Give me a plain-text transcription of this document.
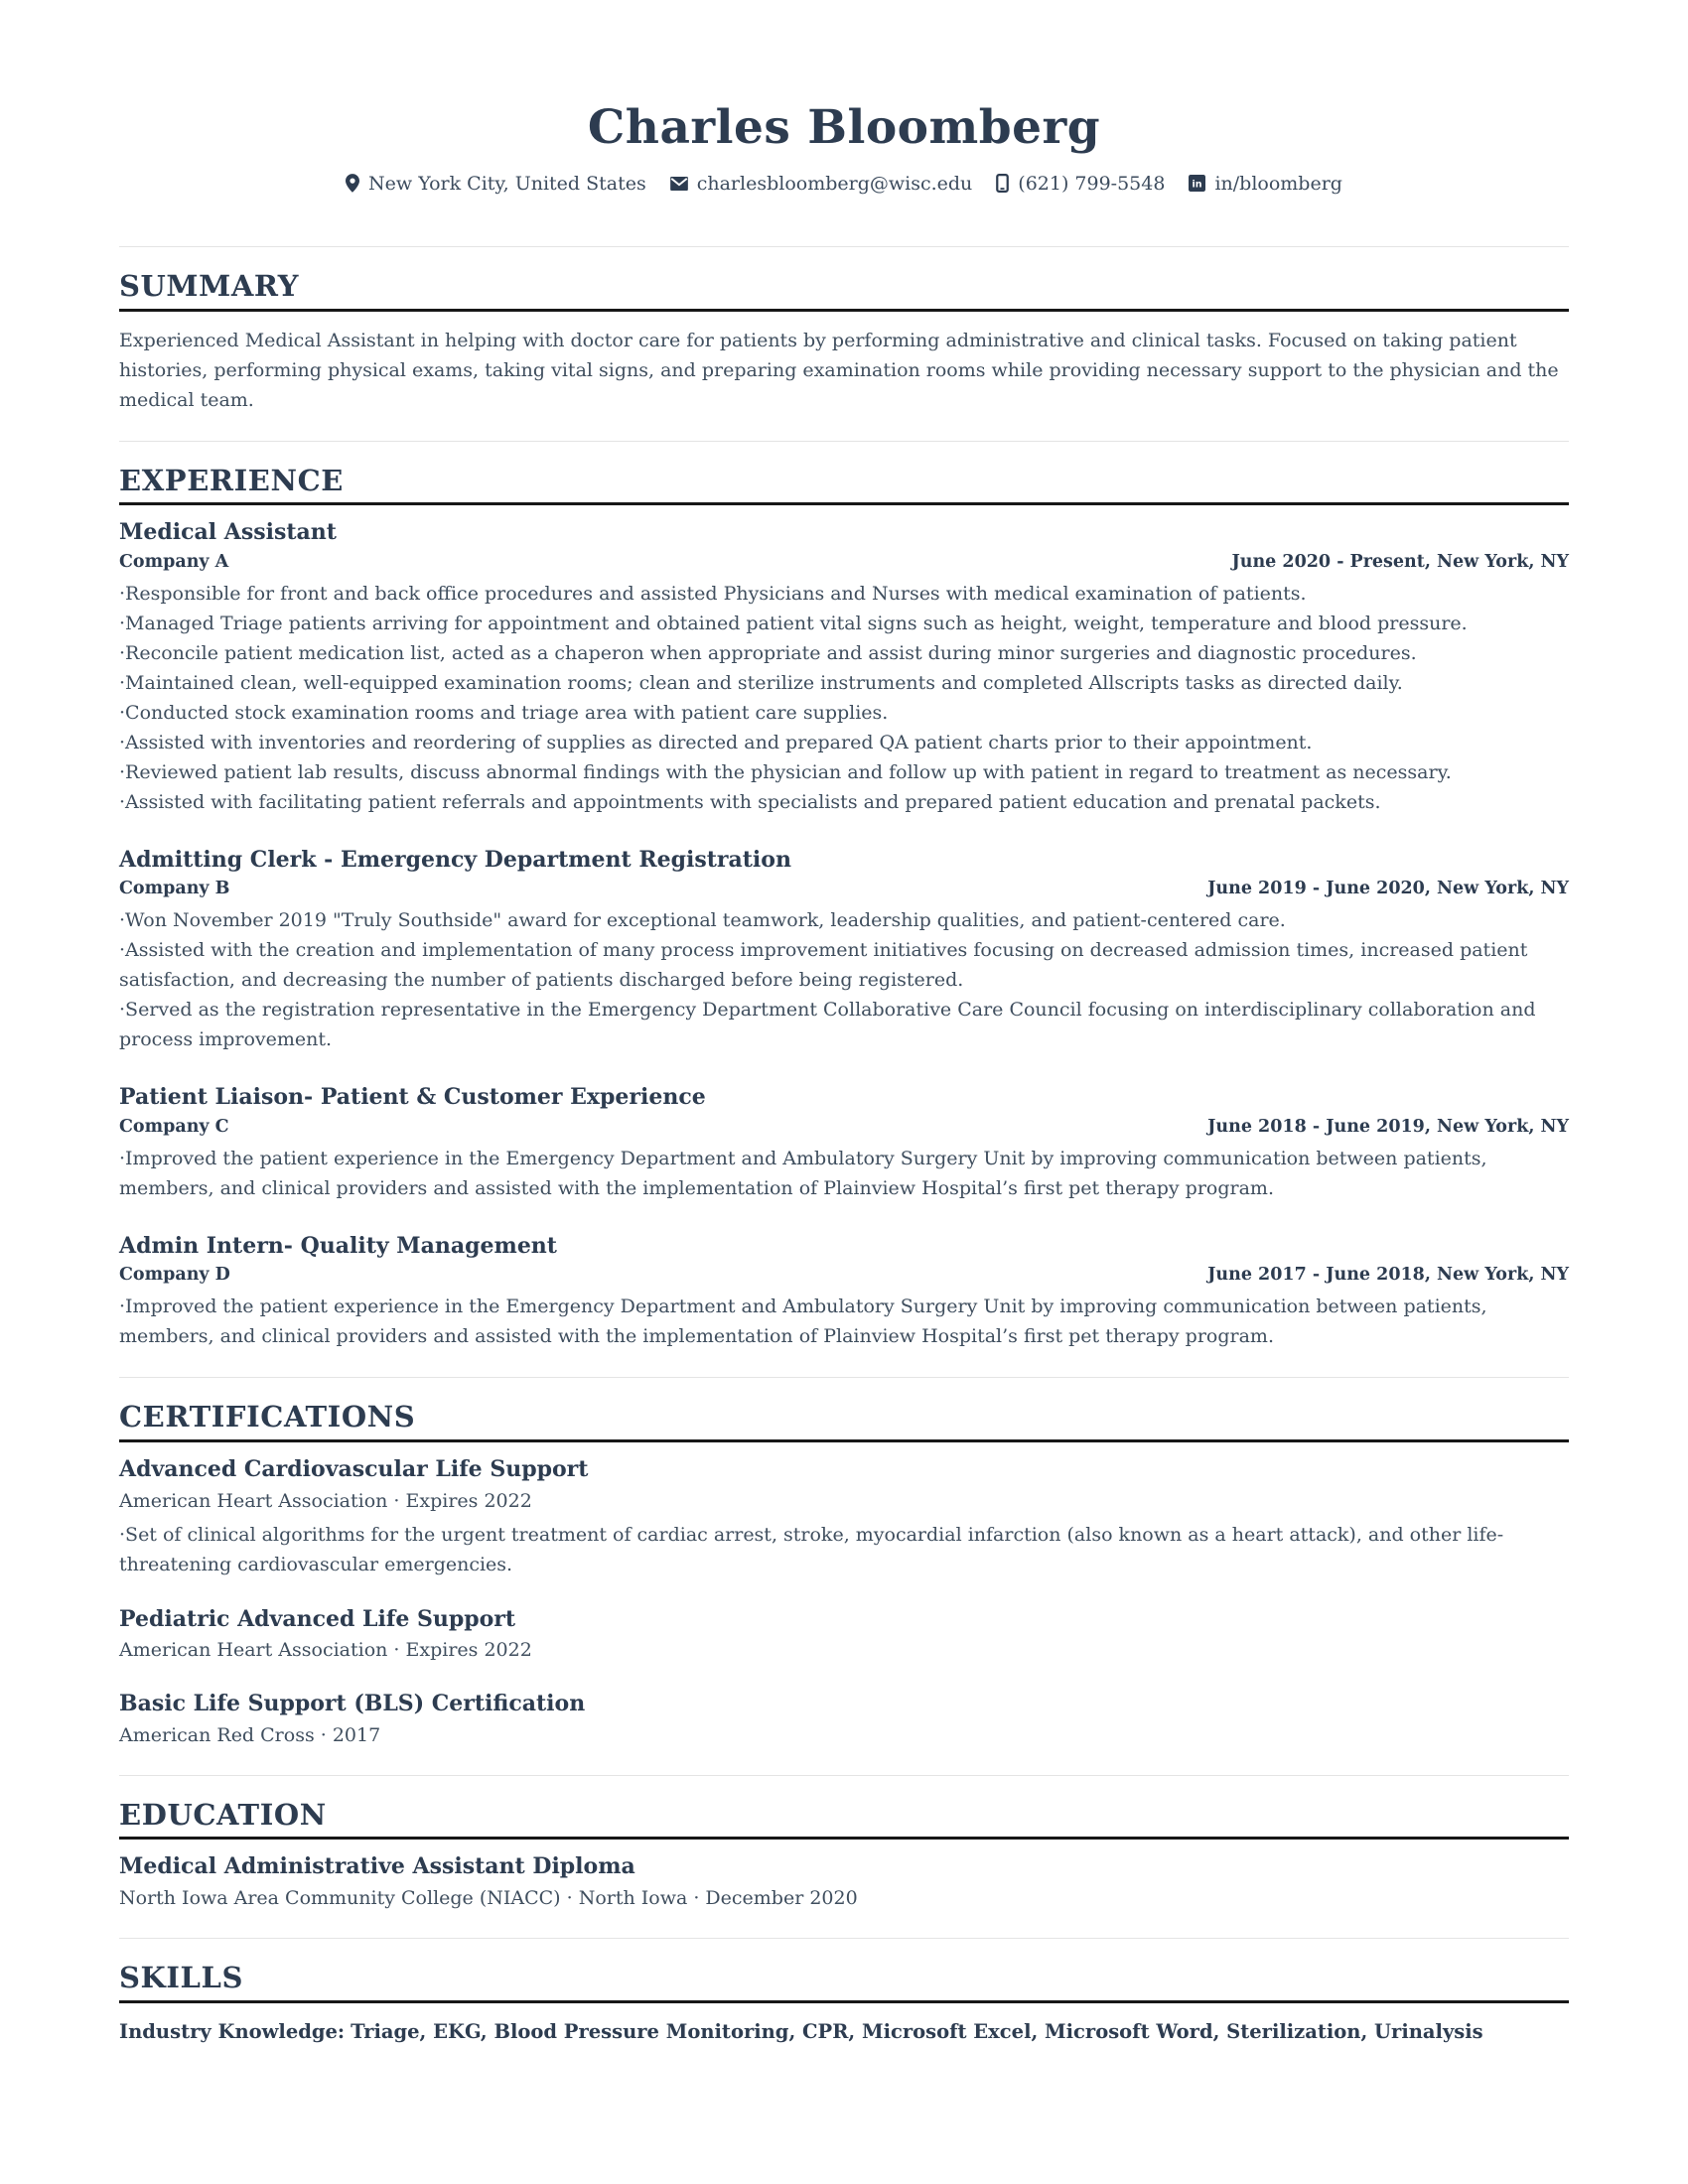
Charles Bloomberg
New York City, United States	charlesbloomberg@wisc.edu (621) 799-5548 in in/bloomberg
SUMMARY

Experienced Medical Assistant in helping with doctor care for patients by performing administrative and clinical tasks. Focused on taking patient histories, performing physical exams, taking vital signs, and preparing examination rooms while providing necessary support to the physician and the medical team.

EXPERIENCE
Medical Assistant
Company A	June 2020 - Present, New York, NY

· Responsible for front and back office procedures and assisted Physicians and Nurses with medical examination of patients.

· Managed Triage patients arriving for appointment and obtained patient vital signs such as height, weight, temperature and blood pressure.

· Reconcile patient medication list, acted as a chaperon when appropriate and assist during minor surgeries and diagnostic procedures.

· Maintained clean, well-equipped examination rooms; clean and sterilize instruments and completed Allscripts tasks as directed daily.

· Conducted stock examination rooms and triage area with patient care supplies.

· Assisted with inventories and reordering of supplies as directed and prepared QA patient charts prior to their appointment.

· Reviewed patient lab results, discuss abnormal findings with the physician and follow up with patient in regard to treatment as necessary.

· Assisted with facilitating patient referrals and appointments with specialists and prepared patient education and prenatal packets.

Admitting Clerk - Emergency Department Registration
Company B	June 2019 - June 2020, New York, NY

· Won November 2019 "Truly Southside" award for exceptional teamwork, leadership qualities, and patient-centered care.

· Assisted with the creation and implementation of many process improvement initiatives focusing on decreased admission times, increased patient satisfaction, and decreasing the number of patients discharged before being registered.

· Served as the registration representative in the Emergency Department Collaborative Care Council focusing on interdisciplinary collaboration and process improvement.

Patient Liaison- Patient & Customer Experience
Company C	June 2018 - June 2019, New York, NY

· Improved the patient experience in the Emergency Department and Ambulatory Surgery Unit by improving communication between patients, members, and clinical providers and assisted with the implementation of Plainview Hospital’s first pet therapy program.

Admin Intern- Quality Management
Company D	June 2017 - June 2018, New York, NY

· Improved the patient experience in the Emergency Department and Ambulatory Surgery Unit by improving communication between patients, members, and clinical providers and assisted with the implementation of Plainview Hospital’s first pet therapy program.

CERTIFICATIONS
Advanced Cardiovascular Life Support

American Heart Association · Expires 2022

· Set of clinical algorithms for the urgent treatment of cardiac arrest, stroke, myocardial infarction (also known as a heart attack), and other life-threatening cardiovascular emergencies.

Pediatric Advanced Life Support

American Heart Association · Expires 2022

Basic Life Support (BLS) Certification

American Red Cross · 2017

EDUCATION
Medical Administrative Assistant Diploma

North Iowa Area Community College (NIACC) · North Iowa · December 2020

SKILLS

Industry Knowledge: Triage, EKG, Blood Pressure Monitoring, CPR, Microsoft Excel, Microsoft Word, Sterilization, Urinalysis
